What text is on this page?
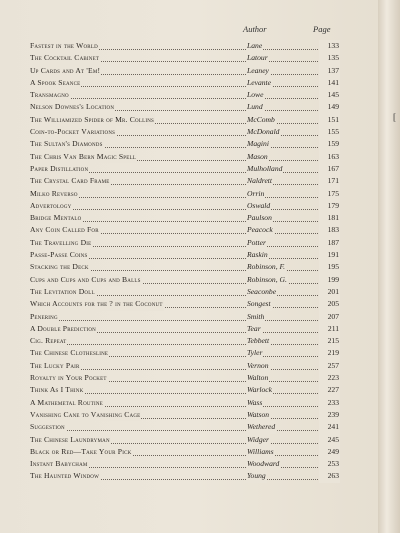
Author	Page
Fastest in the World	Lane	133
The Cocktail Cabinet	Latour	135
Up Cards and At 'Em!	Leaney	137
A Spook Seance	Levante	141
Transmagno	Lowe	145
Nelson Downes's Location	Lund	149
The Williamized Spider of Mr. Collins	McComb	151
Coin-to-Pocket Variations	McDonald	155
The Sultan's Diamonds	Magini	159
The Chris Van Bern Magic Spell	Mason	163
Paper Distillation	Mulholland	167
The Crystal Card Frame	Naldrett	171
Milko Reverso	Orrin	175
Advertology	Oswald	179
Bridge Mentalo	Paulson	181
Any Coin Called For	Peacock	183
The Travelling Die	Potter	187
Passe-Passe Coins	Raskin	191
Stacking the Deck	Robinson, F.	195
Cups and Cups and Cups and Balls	Robinson, G.	199
The Levitation Doll	Seaconbe	201
Which Accounts for the ? in the Coconut	Songest	205
Penering	Smith	207
A Double Prediction	Tear	211
Cig. Repeat	Tebbett	215
The Chinese Clothesline	Tyler	219
The Lucky Pair	Vernon	257
Royalty in Your Pocket	Walton	223
Think As I Think	Warlock	227
A Mathemetal Routine	Wass	233
Vanishing Cane to Vanishing Cage	Watson	239
Suggestion	Wethered	241
The Chinese Laundryman	Widger	245
Black or Red—Take Your Pick	Williams	249
Instant Babycham	Woodward	253
The Haunted Window	Young	263
[
